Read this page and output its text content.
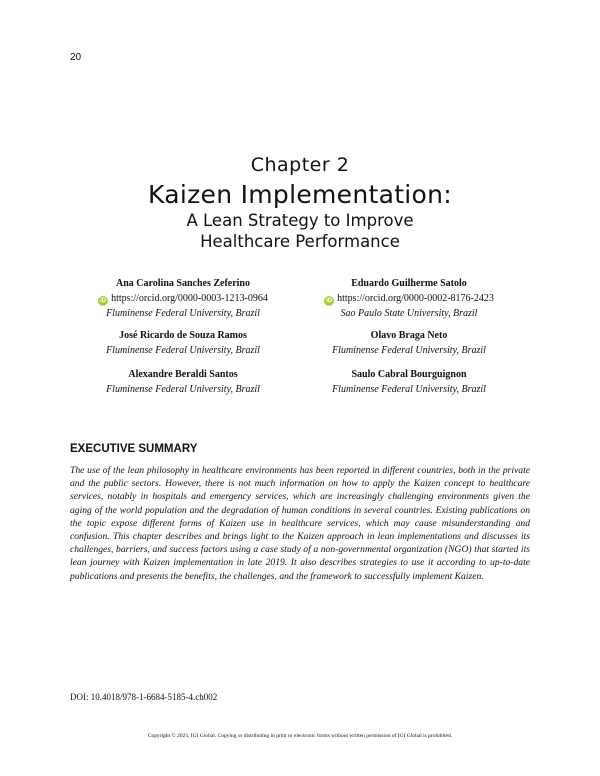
20
Chapter 2
Kaizen Implementation:
A Lean Strategy to Improve
Healthcare Performance
Ana Carolina Sanches Zeferino
iD https://orcid.org/0000-0003-1213-0964
Fluminense Federal University, Brazil
José Ricardo de Souza Ramos
Fluminense Federal University, Brazil
Alexandre Beraldi Santos
Fluminense Federal University, Brazil
Eduardo Guilherme Satolo
iD https://orcid.org/0000-0002-8176-2423
Sao Paulo State University, Brazil
Olavo Braga Neto
Fluminense Federal University, Brazil
Saulo Cabral Bourguignon
Fluminense Federal University, Brazil
EXECUTIVE SUMMARY

The use of the lean philosophy in healthcare environments has been reported in different countries, both in the private and the public sectors. However, there is not much information on how to apply the Kaizen concept to healthcare services, notably in hospitals and emergency services, which are increasingly challenging environments given the aging of the world population and the degradation of human conditions in several countries. Existing publications on the topic expose different forms of Kaizen use in healthcare services, which may cause misunderstanding and confusion. This chapter describes and brings light to the Kaizen approach in lean implementations and discusses its challenges, barriers, and success factors using a case study of a non-governmental organization (NGO) that started its lean journey with Kaizen implementation in late 2019. It also describes strategies to use it according to up-to-date publications and presents the benefits, the challenges, and the framework to successfully implement Kaizen.

DOI: 10.4018/978-1-6684-5185-4.ch002
Copyright © 2023, IGI Global. Copying or distributing in print or electronic forms without written permission of IGI Global is prohibited.
